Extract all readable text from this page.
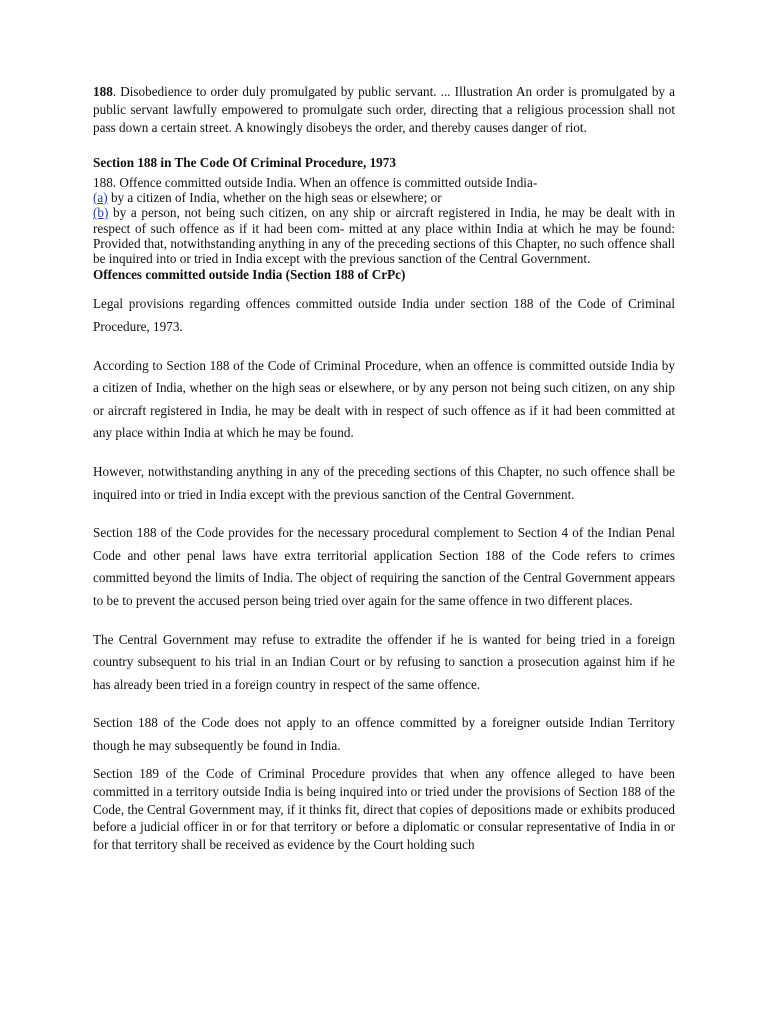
188. Disobedience to order duly promulgated by public servant. ... Illustration An order is promulgated by a public servant lawfully empowered to promulgate such order, directing that a religious procession shall not pass down a certain street. A knowingly disobeys the order, and thereby causes danger of riot.

Section 188 in The Code Of Criminal Procedure, 1973

188. Offence committed outside India. When an offence is committed outside India-

(a) by a citizen of India, whether on the high seas or elsewhere; or

(b) by a person, not being such citizen, on any ship or aircraft registered in India, he may be dealt with in respect of such offence as if it had been com- mitted at any place within India at which he may be found: Provided that, notwithstanding anything in any of the preceding sections of this Chapter, no such offence shall be inquired into or tried in India except with the previous sanction of the Central Government.

Offences committed outside India (Section 188 of CrPc)

Legal provisions regarding offences committed outside India under section 188 of the Code of Criminal Procedure, 1973.

According to Section 188 of the Code of Criminal Procedure, when an offence is committed outside India by a citizen of India, whether on the high seas or elsewhere, or by any person not being such citizen, on any ship or aircraft registered in India, he may be dealt with in respect of such offence as if it had been committed at any place within India at which he may be found.

However, notwithstanding anything in any of the preceding sections of this Chapter, no such offence shall be inquired into or tried in India except with the previous sanction of the Central Government.

Section 188 of the Code provides for the necessary procedural complement to Section 4 of the Indian Penal Code and other penal laws have extra territorial application Section 188 of the Code refers to crimes committed beyond the limits of India. The object of requiring the sanction of the Central Government appears to be to prevent the accused person being tried over again for the same offence in two different places.

The Central Government may refuse to extradite the offender if he is wanted for being tried in a foreign country subsequent to his trial in an Indian Court or by refusing to sanction a prosecution against him if he has already been tried in a foreign country in respect of the same offence.

Section 188 of the Code does not apply to an offence committed by a foreigner outside Indian Territory though he may subsequently be found in India.

Section 189 of the Code of Criminal Procedure provides that when any offence alleged to have been committed in a territory outside India is being inquired into or tried under the provisions of Section 188 of the Code, the Central Government may, if it thinks fit, direct that copies of depositions made or exhibits produced before a judicial officer in or for that territory or before a diplomatic or consular representative of India in or for that territory shall be received as evidence by the Court holding such
